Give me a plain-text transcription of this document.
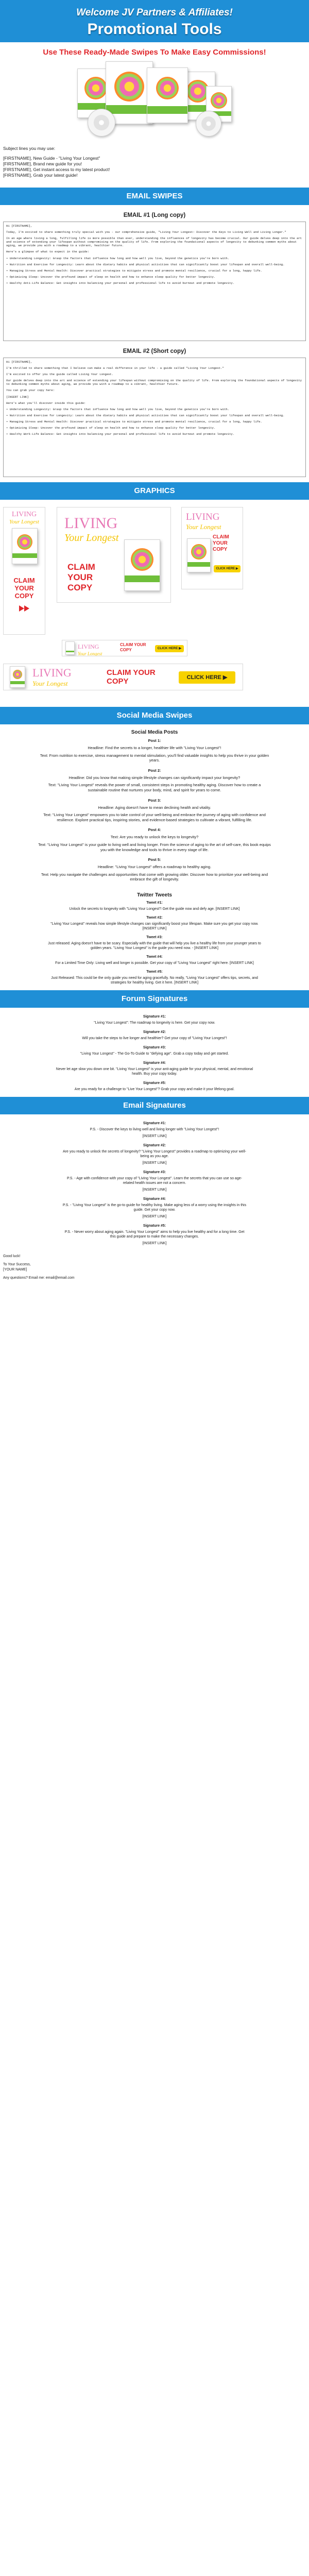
Welcome JV Partners & Affiliates!
Promotional Tools
Use These Ready-Made Swipes To Make Easy Commissions!

Subject lines you may use:

[FIRSTNAME], New Guide - "Living Your Longest"

[FIRSTNAME], Brand new guide for you!

[FIRSTNAME], Get instant access to my latest product!

[FIRSTNAME], Grab your latest guide!

EMAIL SWIPES
EMAIL #1 (Long copy)

Hi [FIRSTNAME],

Today, I'm excited to share something truly special with you - our comprehensive guide, "Living Your Longest: Discover the Keys to Living Well and Living Longer."

In an age where living a long, fulfilling life is more possible than ever, understanding the influences of longevity has become crucial. Our guide delves deep into the art and science of extending your lifespan without compromising on the quality of life. From exploring the foundational aspects of longevity to debunking common myths about aging, we provide you with a roadmap to a vibrant, healthier future.

Here's a glimpse of what to expect in the guide:

• Understanding Longevity: Grasp the factors that influence how long and how well you live, beyond the genetics you're born with.

• Nutrition and Exercise for Longevity: Learn about the dietary habits and physical activities that can significantly boost your lifespan and overall well-being.

• Managing Stress and Mental Health: Discover practical strategies to mitigate stress and promote mental resilience, crucial for a long, happy life.

• Optimizing Sleep: Uncover the profound impact of sleep on health and how to enhance sleep quality for better longevity.

• Healthy Anti-Life Balance: Get insights into balancing your personal and professional life to avoid burnout and promote longevity.

EMAIL #2 (Short copy)

Hi [FIRSTNAME],

I'm thrilled to share something that I believe can make a real difference in your life - a guide called "Living Your Longest."

I'm excited to offer you the guide called Living Your Longest.

Our guide delves deep into the art and science of extending your lifespan without compromising on the quality of life. From exploring the foundational aspects of longevity to debunking common myths about aging, we provide you with a roadmap to a vibrant, healthier future.

You can grab your copy here:

[INSERT LINK]

Here's what you'll discover inside this guide:

• Understanding Longevity: Grasp the factors that influence how long and how well you live, beyond the genetics you're born with.

• Nutrition and Exercise for Longevity: Learn about the dietary habits and physical activities that can significantly boost your lifespan and overall well-being.

• Managing Stress and Mental Health: Discover practical strategies to mitigate stress and promote mental resilience, crucial for a long, happy life.

• Optimizing Sleep: Uncover the profound impact of sleep on health and how to enhance sleep quality for better longevity.

• Healthy Work-Life Balance: Get insights into balancing your personal and professional life to avoid burnout and promote longevity.

GRAPHICS
LIVING
Your Longest
CLAIM YOUR COPY
LIVING
Your Longest
CLAIM YOUR COPY
LIVING
Your Longest
CLAIM YOUR COPY
CLICK HERE ▶
LIVING
Your Longest
CLAIM YOUR COPY	CLICK HERE ▶
LIVING
Your Longest
CLAIM YOUR COPY	CLICK HERE ▶
Social Media Swipes
Social Media Posts
Post 1:

Headline: Find the secrets to a longer, healthier life with "Living Your Longest"!

Text: From nutrition to exercise, stress management to mental stimulation, you'll find valuable insights to help you thrive in your golden years.

Post 2:

Headline: Did you know that making simple lifestyle changes can significantly impact your longevity?

Text: "Living Your Longest" reveals the power of small, consistent steps in promoting healthy aging. Discover how to create a sustainable routine that nurtures your body, mind, and spirit for years to come.

Post 3:

Headline: Aging doesn't have to mean declining health and vitality.

Text: "Living Your Longest" empowers you to take control of your well-being and embrace the journey of aging with confidence and resilience. Explore practical tips, inspiring stories, and evidence-based strategies to cultivate a vibrant, fulfilling life.

Post 4:

Text: Are you ready to unlock the keys to longevity?

Text: "Living Your Longest" is your guide to living well and living longer. From the science of aging to the art of self-care, this book equips you with the knowledge and tools to thrive in every stage of life.

Post 5:

Headline: "Living Your Longest" offers a roadmap to healthy aging.

Text: Help you navigate the challenges and opportunities that come with growing older. Discover how to prioritize your well-being and embrace the gift of longevity.

Twitter Tweets
Tweet #1:

Unlock the secrets to longevity with "Living Your Longest"! Get the guide now and defy age. [INSERT LINK]

Tweet #2:

"Living Your Longest" reveals how simple lifestyle changes can significantly boost your lifespan. Make sure you get your copy now. [INSERT LINK]

Tweet #3:

Just released: Aging doesn't have to be scary. Especially with the guide that will help you live a healthy life from your younger years to golden years. "Living Your Longest" is the guide you need now. - [INSERT LINK]

Tweet #4:

For a Limited Time Only: Living well and longer is possible. Get your copy of "Living Your Longest" right here. [INSERT LINK]

Tweet #5:

Just Released: This could be the only guide you need for aging gracefully. No really, "Living Your Longest" offers tips, secrets, and strategies for healthy living. Get it here. [INSERT LINK]

Forum Signatures
Signature #1:

"Living Your Longest": The roadmap to longevity is here. Get your copy now.

Signature #2:

Will you take the steps to live longer and healthier? Get your copy of "Living Your Longest"!

Signature #3:

"Living Your Longest" - The Go-To Guide to "defying age". Grab a copy today and get started.

Signature #4:

Never let age slow you down one bit. "Living Your Longest" is your anti-aging guide for your physical, mental, and emotional health. Buy your copy today.

Signature #5:

Are you ready for a challenge to "Live Your Longest"? Grab your copy and make it your lifelong goal.

Email Signatures
Signature #1:

P.S. - Discover the keys to living well and living longer with "Living Your Longest"!

[INSERT LINK]

Signature #2:

Are you ready to unlock the secrets of longevity? "Living Your Longest" provides a roadmap to optimizing your well-being as you age.

[INSERT LINK]

Signature #3:

P.S. - Age with confidence with your copy of "Living Your Longest". Learn the secrets that you can use so age-related health issues are not a concern.

[INSERT LINK]

Signature #4:

P.S. - "Living Your Longest" is the go-to guide for healthy living. Make aging less of a worry using the insights in this guide. Get your copy now.

[INSERT LINK]

Signature #5:

P.S. - Never worry about aging again. "Living Your Longest" aims to help you live healthy and for a long time. Get this guide and prepare to make the necessary changes.

[INSERT LINK]

Good luck!

To Your Success,

[YOUR NAME]

Any questions? Email me: email@email.com
